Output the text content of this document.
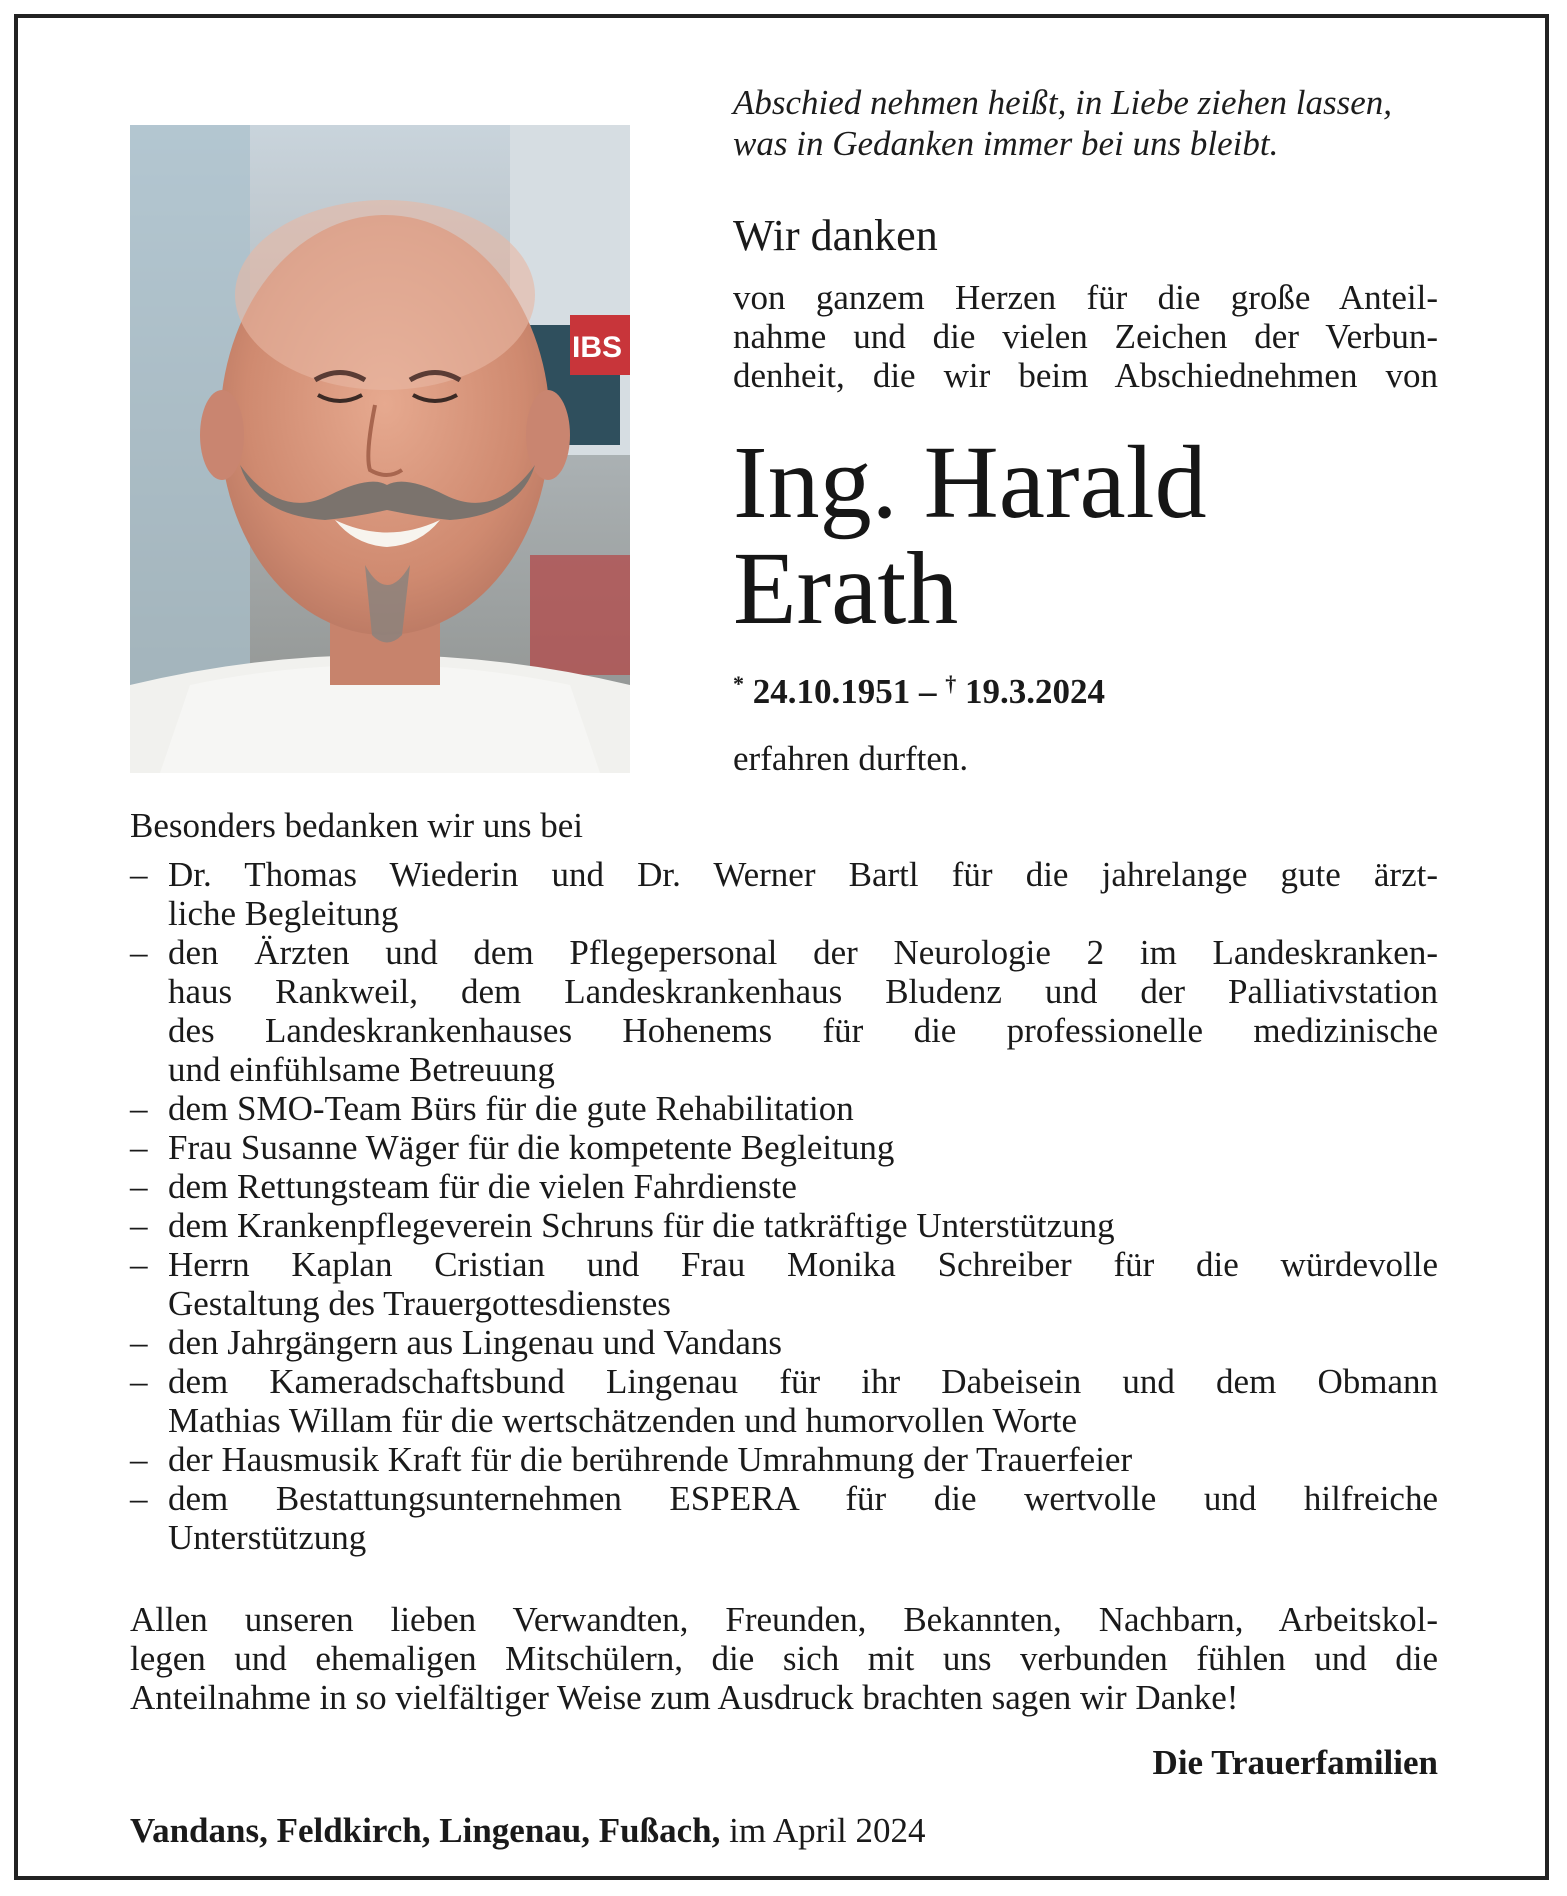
IBS
Abschied nehmen heißt, in Liebe ziehen lassen,
was in Gedanken immer bei uns bleibt.
Wir danken
von ganzem Herzen für die große Anteil-
nahme und die vielen Zeichen der Verbun-
denheit, die wir beim Abschiednehmen von
Ing. Harald
Erath
* 24.10.1951 – † 19.3.2024
erfahren durften.
Besonders bedanken wir uns bei
– Dr. Thomas Wiederin und Dr. Werner Bartl für die jahrelange gute ärzt-
liche Begleitung
– den Ärzten und dem Pflegepersonal der Neurologie 2 im Landeskranken-
haus Rankweil, dem Landeskrankenhaus Bludenz und der Palliativstation
des Landeskrankenhauses Hohenems für die professionelle medizinische
und einfühlsame Betreuung
– dem SMO-Team Bürs für die gute Rehabilitation
– Frau Susanne Wäger für die kompetente Begleitung
– dem Rettungsteam für die vielen Fahrdienste
– dem Krankenpflegeverein Schruns für die tatkräftige Unterstützung
– Herrn Kaplan Cristian und Frau Monika Schreiber für die würdevolle
Gestaltung des Trauergottesdienstes
– den Jahrgängern aus Lingenau und Vandans
– dem Kameradschaftsbund Lingenau für ihr Dabeisein und dem Obmann
Mathias Willam für die wertschätzenden und humorvollen Worte
– der Hausmusik Kraft für die berührende Umrahmung der Trauerfeier
– dem Bestattungsunternehmen ESPERA für die wertvolle und hilfreiche
Unterstützung
Allen unseren lieben Verwandten, Freunden, Bekannten, Nachbarn, Arbeitskol-
legen und ehemaligen Mitschülern, die sich mit uns verbunden fühlen und die
Anteilnahme in so vielfältiger Weise zum Ausdruck brachten sagen wir Danke!
Die Trauerfamilien
Vandans, Feldkirch, Lingenau, Fußach, im April 2024
